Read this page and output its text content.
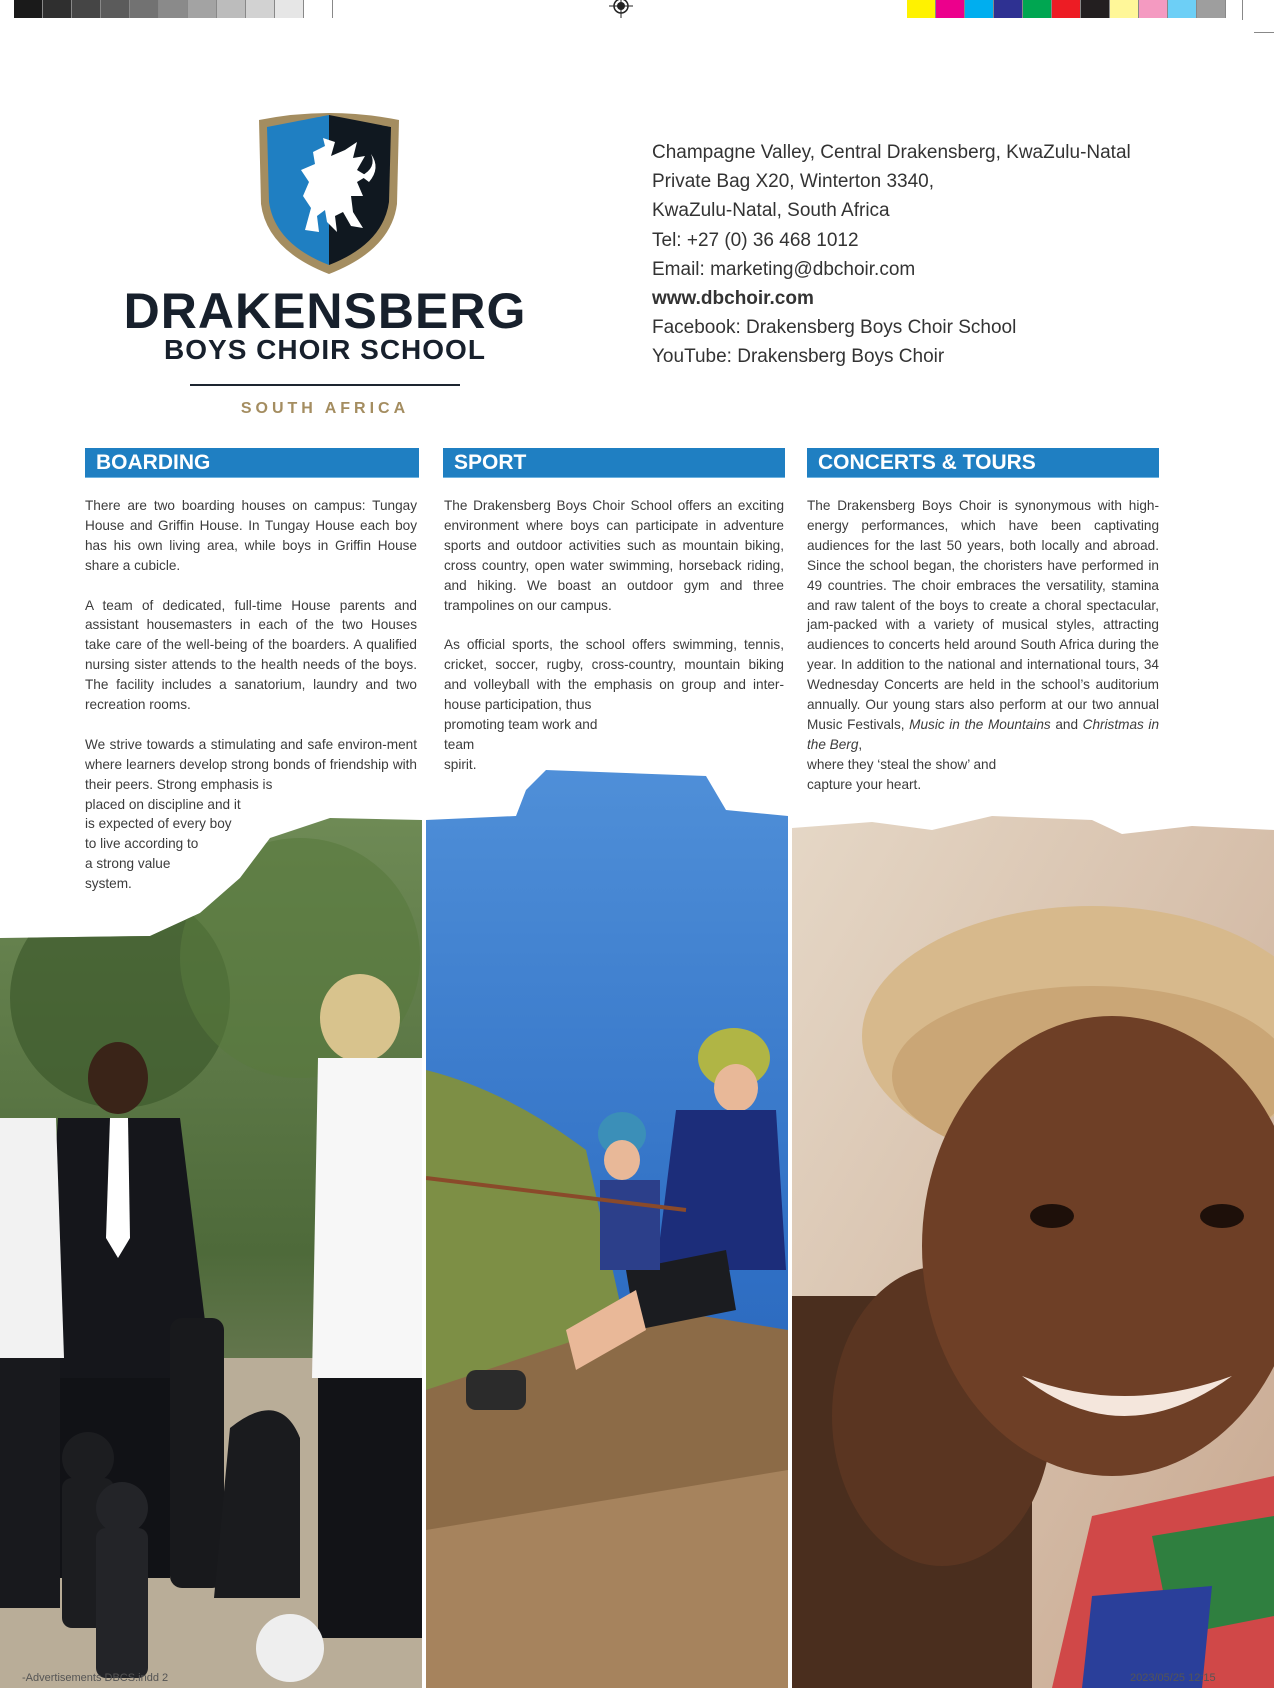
DRAKENSBERG
BOYS CHOIR SCHOOL
SOUTH AFRICA
Champagne Valley, Central Drakensberg, KwaZulu-Natal
Private Bag X20, Winterton 3340,
KwaZulu-Natal, South Africa
Tel: +27 (0) 36 468 1012
Email: marketing@dbchoir.com
www.dbchoir.com
Facebook: Drakensberg Boys Choir School
YouTube: Drakensberg Boys Choir
BOARDING	SPORT	CONCERTS & TOURS

There are two boarding houses on campus: Tungay House and Griffin House. In Tungay House each boy has his own living area, while boys in Griffin House share a cubicle.

A team of dedicated, full-time House parents and assistant housemasters in each of the two Houses take care of the well-being of the boarders. A qualified nursing sister attends to the health needs of the boys. The facility includes a sanatorium, laundry and two recreation rooms.

We strive towards a stimulating and safe environ-ment where learners develop strong bonds of friendship with their peers. Strong emphasis is
placed on discipline and it
is expected of every boy
to live according to
a strong value
system.

The Drakensberg Boys Choir School offers an exciting environment where boys can participate in adventure sports and outdoor activities such as mountain biking, cross country, open water swimming, horseback riding, and hiking. We boast an outdoor gym and three trampolines on our campus.

As official sports, the school offers swimming, tennis, cricket, soccer, rugby, cross-country, mountain biking and volleyball with the emphasis on group and inter-house participation, thus

promoting team work and
team
spirit.
The Drakensberg Boys Choir is synonymous with high-energy performances, which have been captivating audiences for the last 50 years, both locally and abroad. Since the school began, the choristers have performed in 49 countries. The choir embraces the versatility, stamina and raw talent of the boys to create a choral spectacular, jam-packed with a variety of musical styles, attracting audiences to concerts held around South Africa during the year. In addition to the national and international tours, 34 Wednesday Concerts are held in the school’s auditorium annually. Our young stars also perform at our two annual Music Festivals, Music in the Mountains and Christmas in the Berg,
where they ‘steal the show’ and
capture your heart.
-Advertisements DBCS.indd 2	2023/05/25 12:15
